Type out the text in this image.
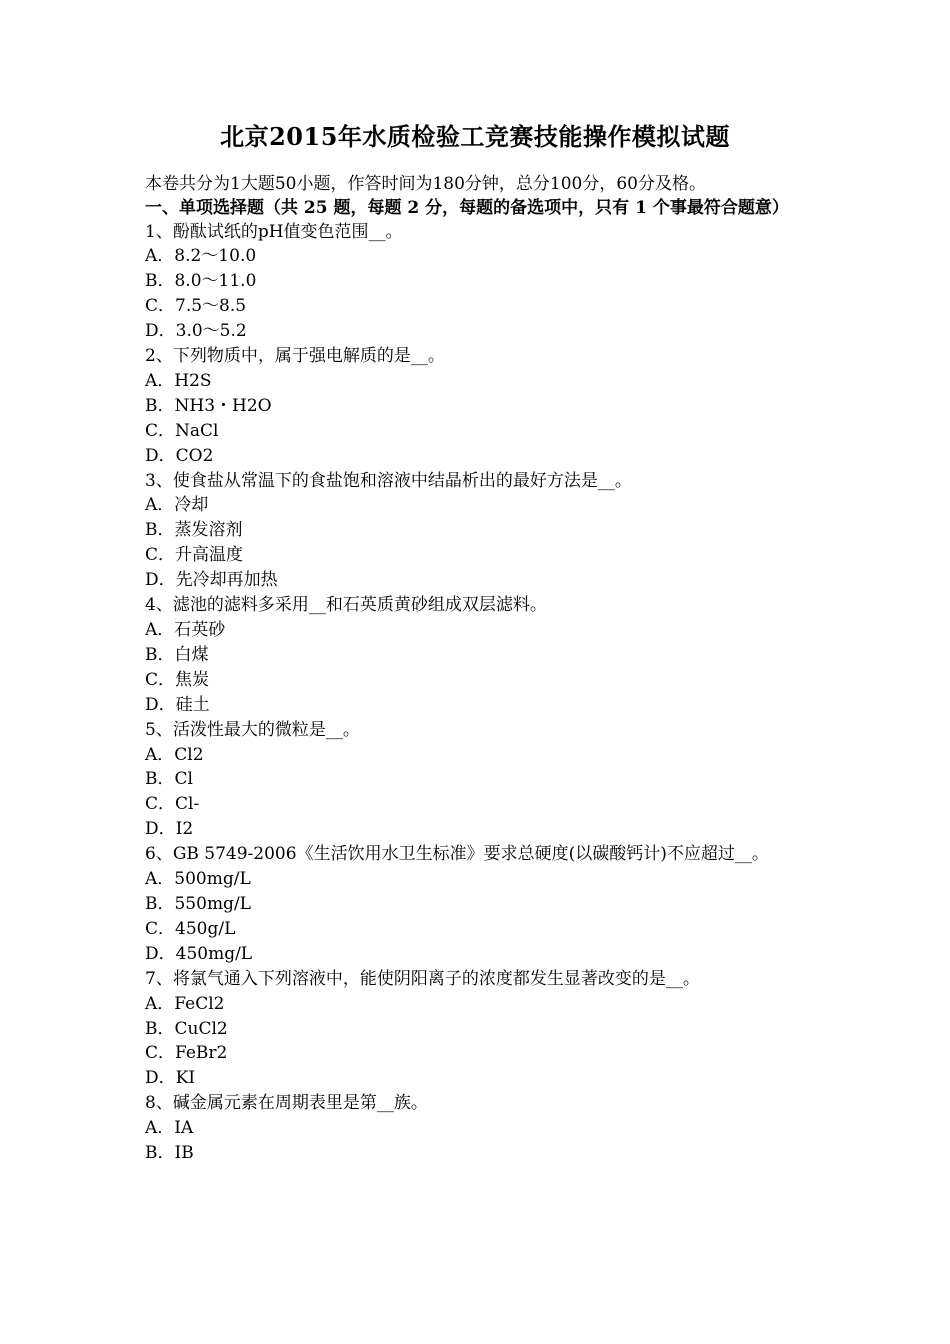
北京2015年水质检验工竞赛技能操作模拟试题
本卷共分为1大题50小题，作答时间为180分钟，总分100分，60分及格。
一、单项选择题（共 25 题，每题 2 分，每题的备选项中，只有 1 个事最符合题意）
1、酚酞试纸的pH值变色范围__。
A．8.2～10.0
B．8.0～11.0
C．7.5～8.5
D．3.0～5.2
2、下列物质中，属于强电解质的是__。
A．H2S
B．NH3・H2O
C．NaCl
D．CO2
3、使食盐从常温下的食盐饱和溶液中结晶析出的最好方法是__。
A．冷却
B．蒸发溶剂
C．升高温度
D．先冷却再加热
4、滤池的滤料多采用__和石英质黄砂组成双层滤料。
A．石英砂
B．白煤
C．焦炭
D．硅土
5、活泼性最大的微粒是__。
A．Cl2
B．Cl
C．Cl-
D．I2
6、GB 5749-2006《生活饮用水卫生标准》要求总硬度(以碳酸钙计)不应超过__。
A．500mg/L
B．550mg/L
C．450g/L
D．450mg/L
7、将氯气通入下列溶液中，能使阴阳离子的浓度都发生显著改变的是__。
A．FeCl2
B．CuCl2
C．FeBr2
D．KI
8、碱金属元素在周期表里是第__族。
A．ⅠA
B．ⅠB
